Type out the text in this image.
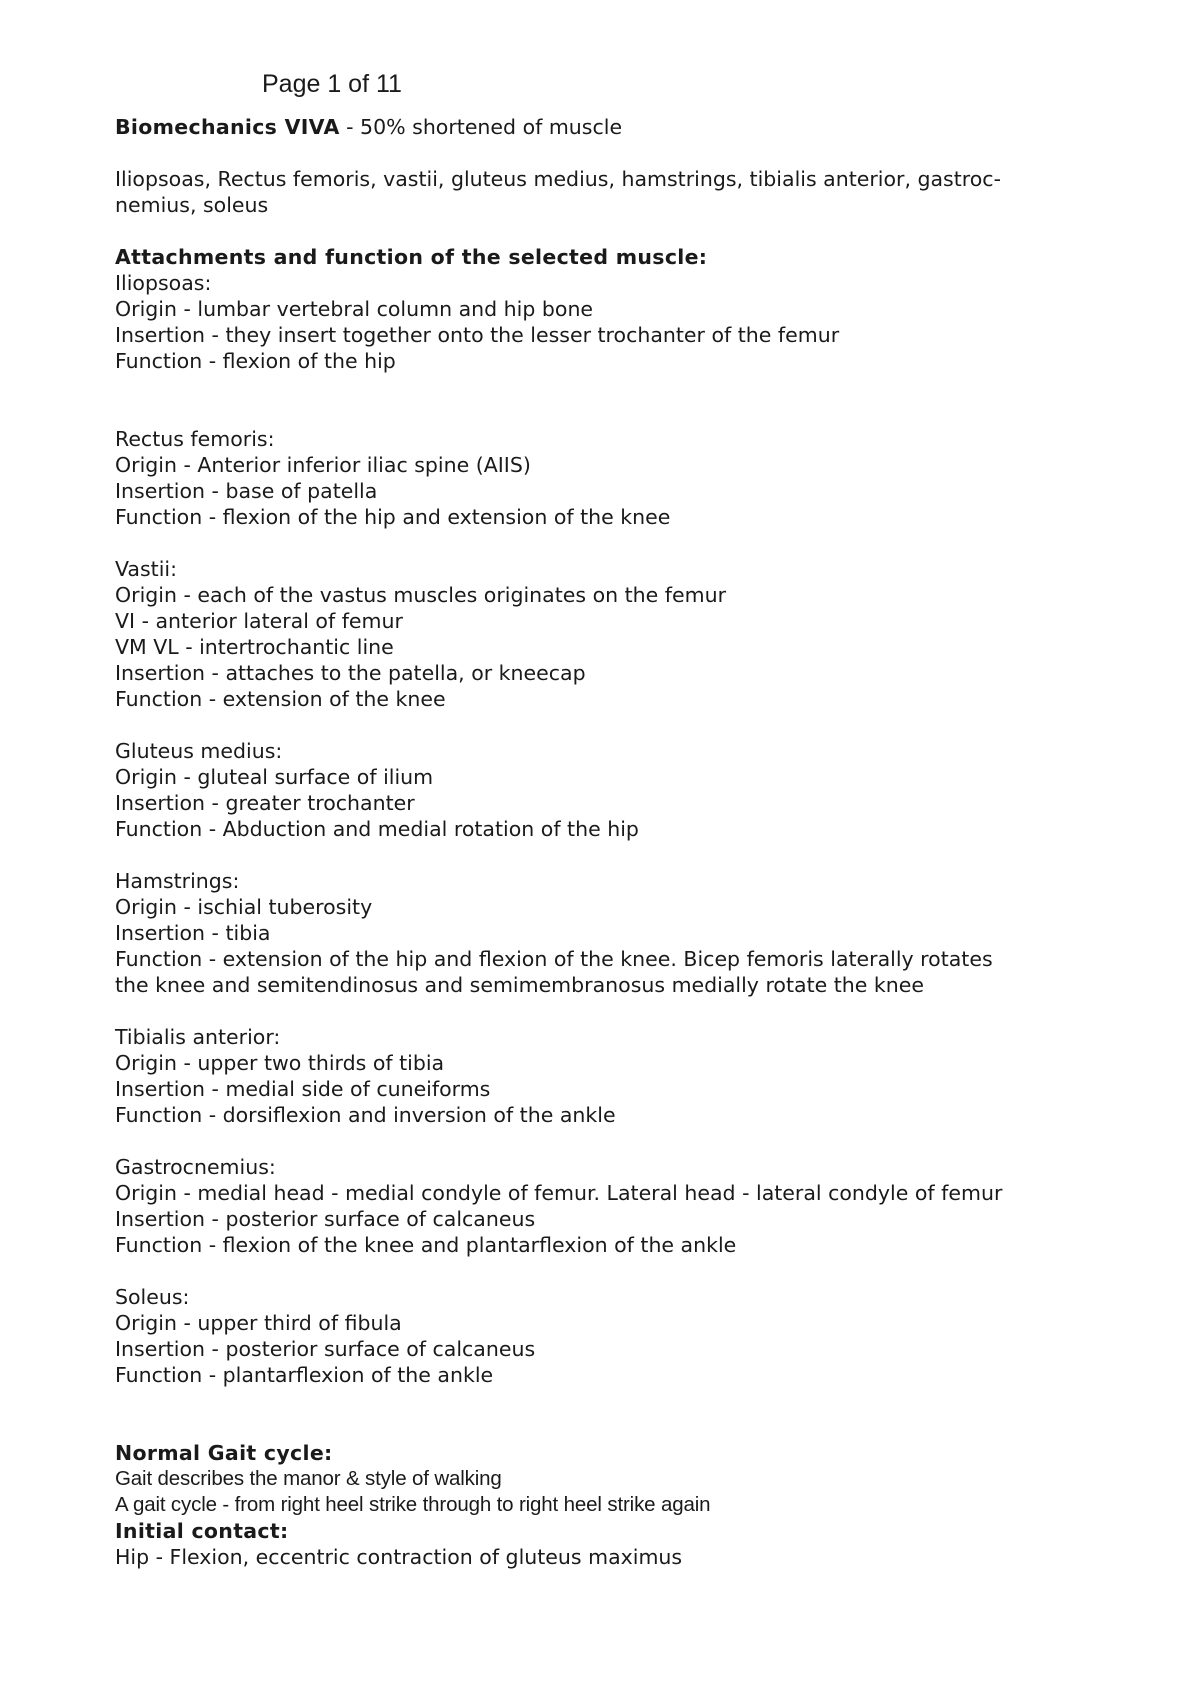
Page 1 of 11

Biomechanics VIVA - 50% shortened of muscle

Iliopsoas, Rectus femoris, vastii, gluteus medius, hamstrings, tibialis anterior, gastroc-

nemius, soleus

Attachments and function of the selected muscle:

Iliopsoas:

Origin - lumbar vertebral column and hip bone

Insertion - they insert together onto the lesser trochanter of the femur

Function - flexion of the hip

Rectus femoris:

Origin - Anterior inferior iliac spine (AIIS)

Insertion - base of patella

Function - flexion of the hip and extension of the knee

Vastii:

Origin - each of the vastus muscles originates on the femur

VI - anterior lateral of femur

VM VL - intertrochantic line

Insertion - attaches to the patella, or kneecap

Function - extension of the knee

Gluteus medius:

Origin - gluteal surface of ilium

Insertion - greater trochanter

Function - Abduction and medial rotation of the hip

Hamstrings:

Origin - ischial tuberosity

Insertion - tibia

Function - extension of the hip and flexion of the knee. Bicep femoris laterally rotates

the knee and semitendinosus and semimembranosus medially rotate the knee

Tibialis anterior:

Origin - upper two thirds of tibia

Insertion - medial side of cuneiforms

Function - dorsiflexion and inversion of the ankle

Gastrocnemius:

Origin - medial head - medial condyle of femur. Lateral head - lateral condyle of femur

Insertion - posterior surface of calcaneus

Function - flexion of the knee and plantarflexion of the ankle

Soleus:

Origin - upper third of fibula

Insertion - posterior surface of calcaneus

Function - plantarflexion of the ankle

Normal Gait cycle:

Gait describes the manor & style of walking

A gait cycle - from right heel strike through to right heel strike again

Initial contact:

Hip - Flexion, eccentric contraction of gluteus maximus
